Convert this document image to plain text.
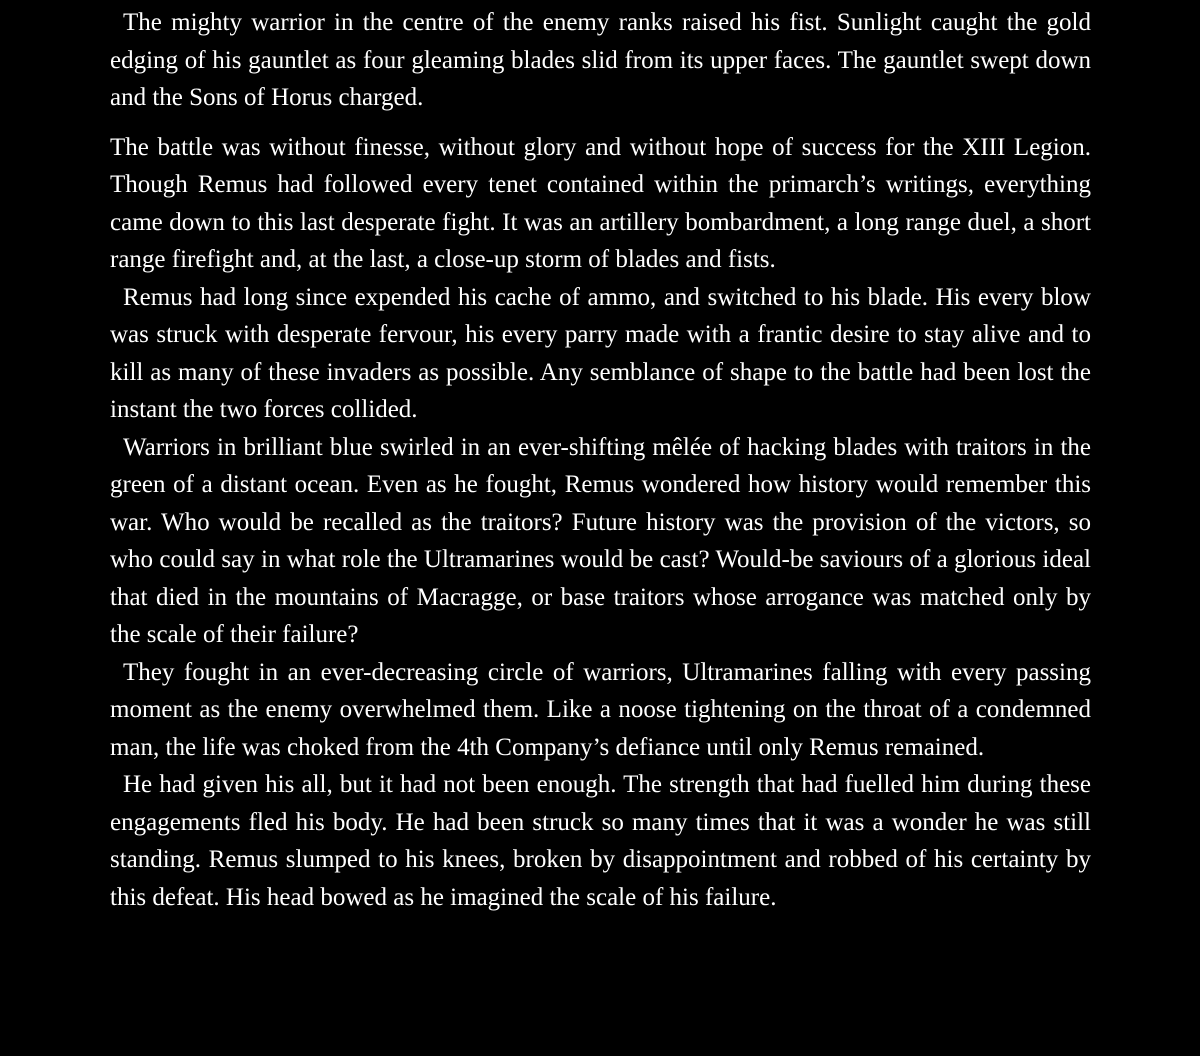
The mighty warrior in the centre of the enemy ranks raised his fist. Sunlight caught the gold edging of his gauntlet as four gleaming blades slid from its upper faces. The gauntlet swept down and the Sons of Horus charged.

The battle was without finesse, without glory and without hope of success for the XIII Legion. Though Remus had followed every tenet contained within the primarch’s writings, everything came down to this last desperate fight. It was an artillery bombardment, a long range duel, a short range firefight and, at the last, a close-up storm of blades and fists.

Remus had long since expended his cache of ammo, and switched to his blade. His every blow was struck with desperate fervour, his every parry made with a frantic desire to stay alive and to kill as many of these invaders as possible. Any semblance of shape to the battle had been lost the instant the two forces collided.

Warriors in brilliant blue swirled in an ever-shifting mêlée of hacking blades with traitors in the green of a distant ocean. Even as he fought, Remus wondered how history would remember this war. Who would be recalled as the traitors? Future history was the provision of the victors, so who could say in what role the Ultramarines would be cast? Would-be saviours of a glorious ideal that died in the mountains of Macragge, or base traitors whose arrogance was matched only by the scale of their failure?

They fought in an ever-decreasing circle of warriors, Ultramarines falling with every passing moment as the enemy overwhelmed them. Like a noose tightening on the throat of a condemned man, the life was choked from the 4th Company’s defiance until only Remus remained.

He had given his all, but it had not been enough. The strength that had fuelled him during these engagements fled his body. He had been struck so many times that it was a wonder he was still standing. Remus slumped to his knees, broken by disappointment and robbed of his certainty by this defeat. His head bowed as he imagined the scale of his failure.
